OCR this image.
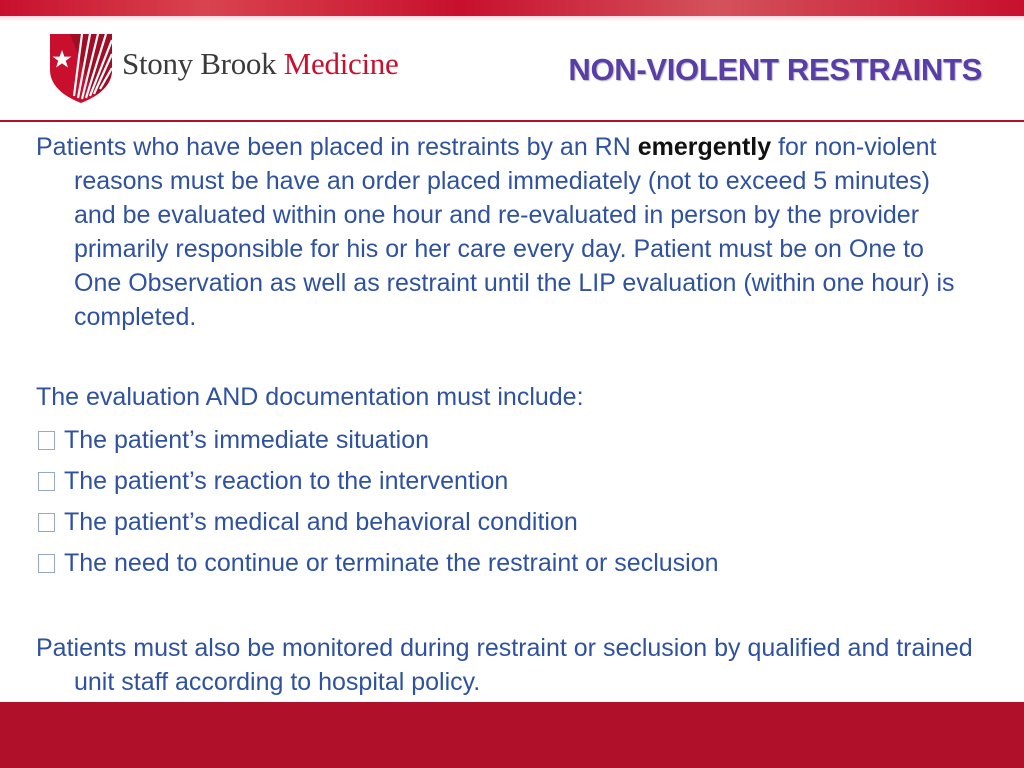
Stony Brook Medicine	NON-VIOLENT RESTRAINTS

Patients who have been placed in restraints by an RN emergently for non-violent reasons must be have an order placed immediately (not to exceed 5 minutes) and be evaluated within one hour and re-evaluated in person by the provider primarily responsible for his or her care every day. Patient must be on One to One Observation as well as restraint until the LIP evaluation (within one hour) is completed.

The evaluation AND documentation must include:

The patient’s immediate situation
The patient’s reaction to the intervention
The patient’s medical and behavioral condition
The need to continue or terminate the restraint or seclusion

Patients must also be monitored during restraint or seclusion by qualified and trained unit staff according to hospital policy.
